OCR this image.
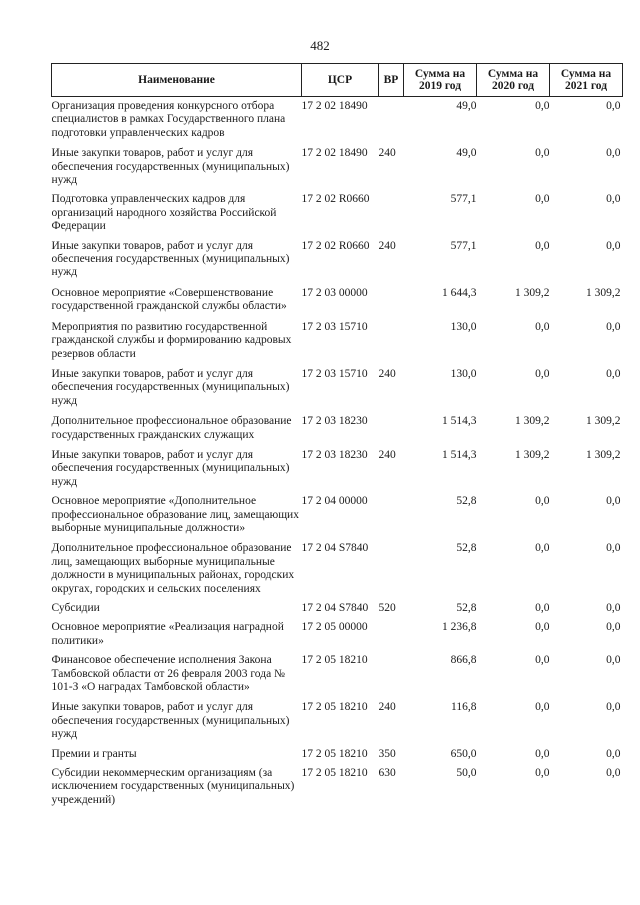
482
Наименование	ЦСР	ВР	Сумма на 2019 год	Сумма на 2020 год	Сумма на 2021 год
Организация проведения конкурсного отбора специалистов в рамках Государственного плана подготовки управленческих кадров	17 2 02 18490		49,0	0,0	0,0
Иные закупки товаров, работ и услуг для обеспечения государственных (муниципальных) нужд	17 2 02 18490	240	49,0	0,0	0,0
Подготовка управленческих кадров для организаций народного хозяйства Российской Федерации	17 2 02 R0660		577,1	0,0	0,0
Иные закупки товаров, работ и услуг для обеспечения государственных (муниципальных) нужд	17 2 02 R0660	240	577,1	0,0	0,0
Основное мероприятие «Совершенствование государственной гражданской службы области»	17 2 03 00000		1 644,3	1 309,2	1 309,2
Мероприятия по развитию государственной гражданской службы и формированию кадровых резервов области	17 2 03 15710		130,0	0,0	0,0
Иные закупки товаров, работ и услуг для обеспечения государственных (муниципальных) нужд	17 2 03 15710	240	130,0	0,0	0,0
Дополнительное профессиональное образование государственных гражданских служащих	17 2 03 18230		1 514,3	1 309,2	1 309,2
Иные закупки товаров, работ и услуг для обеспечения государственных (муниципальных) нужд	17 2 03 18230	240	1 514,3	1 309,2	1 309,2
Основное мероприятие «Дополнительное профессиональное образование лиц, замещающих выборные муниципальные должности»	17 2 04 00000		52,8	0,0	0,0
Дополнительное профессиональное образование лиц, замещающих выборные муниципальные должности в муниципальных районах, городских округах, городских и сельских поселениях	17 2 04 S7840		52,8	0,0	0,0
Субсидии	17 2 04 S7840	520	52,8	0,0	0,0
Основное мероприятие «Реализация наградной политики»	17 2 05 00000		1 236,8	0,0	0,0
Финансовое обеспечение исполнения Закона Тамбовской области от 26 февраля 2003 года № 101-З «О наградах Тамбовской области»	17 2 05 18210		866,8	0,0	0,0
Иные закупки товаров, работ и услуг для обеспечения государственных (муниципальных) нужд	17 2 05 18210	240	116,8	0,0	0,0
Премии и гранты	17 2 05 18210	350	650,0	0,0	0,0
Субсидии некоммерческим организациям (за исключением государственных (муниципальных) учреждений)	17 2 05 18210	630	50,0	0,0	0,0
